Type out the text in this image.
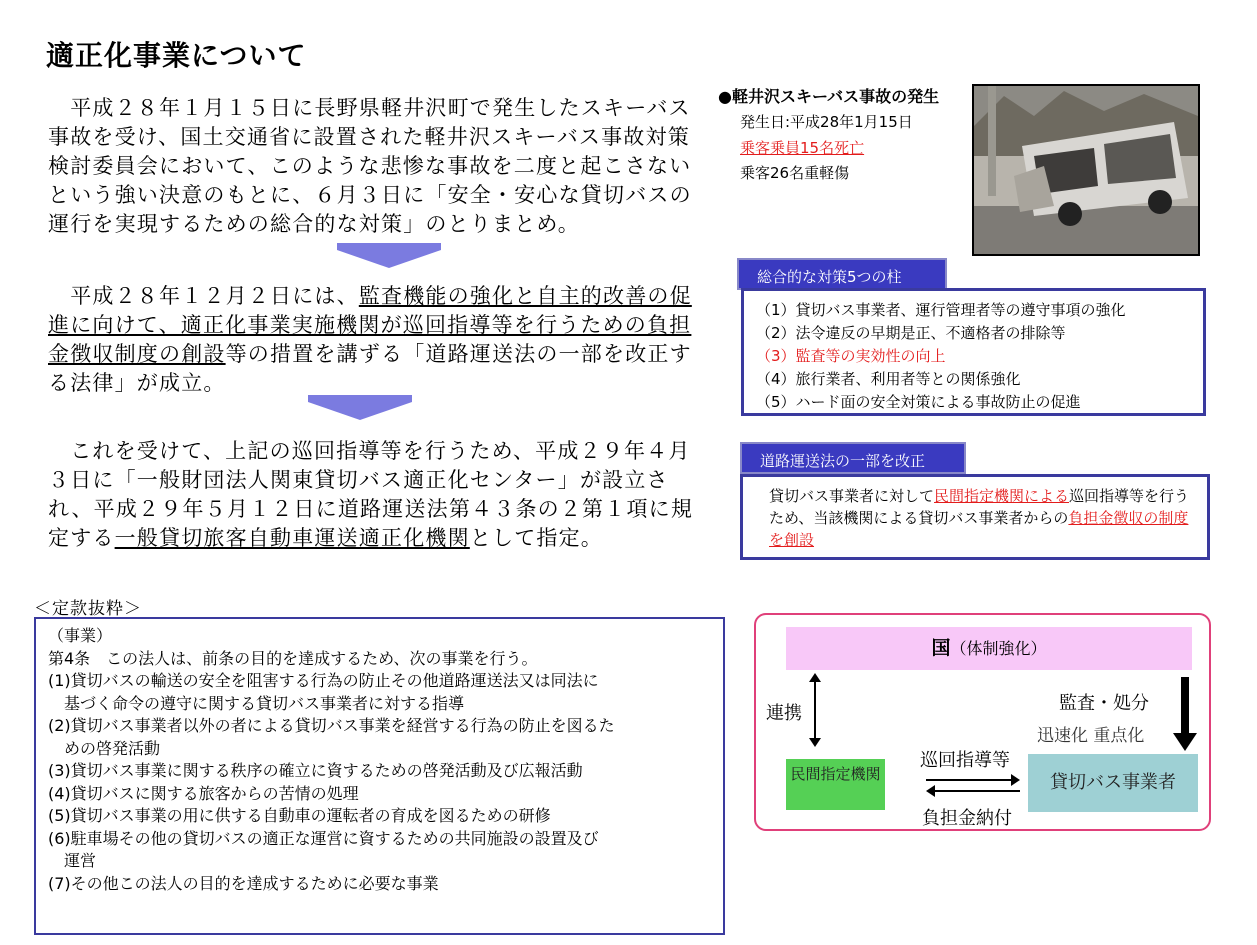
適正化事業について
　平成２８年１月１５日に長野県軽井沢町で発生したスキーバス事故を受け、国土交通省に設置された軽井沢スキーバス事故対策検討委員会において、このような悲惨な事故を二度と起こさないという強い決意のもとに、６月３日に「安全・安心な貸切バスの運行を実現するための総合的な対策」のとりまとめ。
　平成２８年１２月２日には、監査機能の強化と自主的改善の促進に向けて、適正化事業実施機関が巡回指導等を行うための負担金徴収制度の創設等の措置を講ずる「道路運送法の一部を改正する法律」が成立。
　これを受けて、上記の巡回指導等を行うため、平成２９年４月３日に「一般財団法人関東貸切バス適正化センター」が設立され、平成２９年５月１２日に道路運送法第４３条の２第１項に規定する一般貸切旅客自動車運送適正化機関として指定。
●軽井沢スキーバス事故の発生
発生日:平成28年1月15日
乗客乗員15名死亡
乗客26名重軽傷
総合的な対策5つの柱
（1）貸切バス事業者、運行管理者等の遵守事項の強化
（2）法令違反の早期是正、不適格者の排除等
（3）監査等の実効性の向上
（4）旅行業者、利用者等との関係強化
（5）ハード面の安全対策による事故防止の促進
道路運送法の一部を改正
貸切バス事業者に対して民間指定機関による巡回指導等を行うため、当該機関による貸切バス事業者からの負担金徴収の制度を創設
＜定款抜粋＞
（事業）
第4条　この法人は、前条の目的を達成するため、次の事業を行う。
(1)貸切バスの輸送の安全を阻害する行為の防止その他道路運送法又は同法に
基づく命令の遵守に関する貸切バス事業者に対する指導
(2)貸切バス事業者以外の者による貸切バス事業を経営する行為の防止を図るた
めの啓発活動
(3)貸切バス事業に関する秩序の確立に資するための啓発活動及び広報活動
(4)貸切バスに関する旅客からの苦情の処理
(5)貸切バス事業の用に供する自動車の運転者の育成を図るための研修
(6)駐車場その他の貸切バスの適正な運営に資するための共同施設の設置及び
運営
(7)その他この法人の目的を達成するために必要な事業
国（体制強化）
連携	監査・処分
迅速化 重点化
民間指定機関
巡回指導等
負担金納付
貸切バス事業者
